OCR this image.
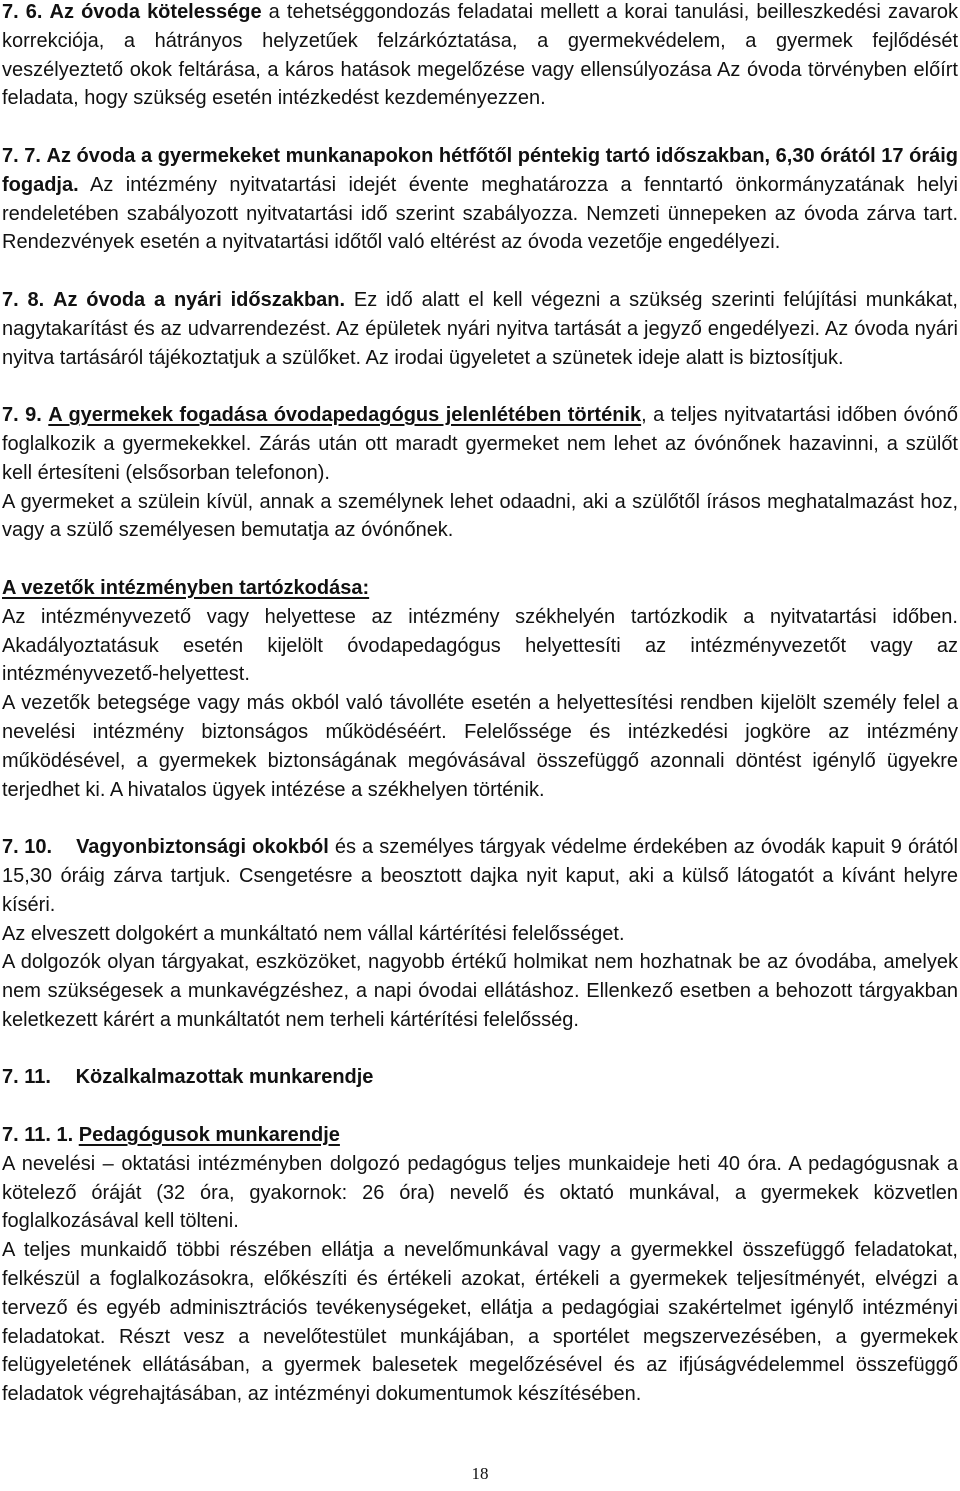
7. 6. Az óvoda kötelessége a tehetséggondozás feladatai mellett a korai tanulási, beilleszkedési zavarok korrekciója, a hátrányos helyzetűek felzárkóztatása, a gyermekvédelem, a gyermek fejlődését veszélyeztető okok feltárása, a káros hatások megelőzése vagy ellensúlyozása Az óvoda törvényben előírt feladata, hogy szükség esetén intézkedést kezdeményezzen.

7. 7. Az óvoda a gyermekeket munkanapokon hétfőtől péntekig tartó időszakban, 6,30 órától 17 óráig fogadja. Az intézmény nyitvatartási idejét évente meghatározza a fenntartó önkormányzatának helyi rendeletében szabályozott nyitvatartási idő szerint szabályozza. Nemzeti ünnepeken az óvoda zárva tart. Rendezvények esetén a nyitvatartási időtől való eltérést az óvoda vezetője engedélyezi.

7. 8. Az óvoda a nyári időszakban. Ez idő alatt el kell végezni a szükség szerinti felújítási munkákat, nagytakarítást és az udvarrendezést. Az épületek nyári nyitva tartását a jegyző engedélyezi. Az óvoda nyári nyitva tartásáról tájékoztatjuk a szülőket. Az irodai ügyeletet a szünetek ideje alatt is biztosítjuk.

7. 9. A gyermekek fogadása óvodapedagógus jelenlétében történik, a teljes nyitvatartási időben óvónő foglalkozik a gyermekekkel. Zárás után ott maradt gyermeket nem lehet az óvónőnek hazavinni, a szülőt kell értesíteni (elsősorban telefonon).

A gyermeket a szülein kívül, annak a személynek lehet odaadni, aki a szülőtől írásos meghatalmazást hoz, vagy a szülő személyesen bemutatja az óvónőnek.

A vezetők intézményben tartózkodása:

Az intézményvezető vagy helyettese az intézmény székhelyén tartózkodik a nyitvatartási időben. Akadályoztatásuk esetén kijelölt óvodapedagógus helyettesíti az intézményvezetőt vagy az intézményvezető-helyettest.

A vezetők betegsége vagy más okból való távolléte esetén a helyettesítési rendben kijelölt személy felel a nevelési intézmény biztonságos működéséért. Felelőssége és intézkedési jogköre az intézmény működésével, a gyermekek biztonságának megóvásával összefüggő azonnali döntést igénylő ügyekre terjedhet ki. A hivatalos ügyek intézése a székhelyen történik.

7. 10. Vagyonbiztonsági okokból és a személyes tárgyak védelme érdekében az óvodák kapuit 9 órától 15,30 óráig zárva tartjuk. Csengetésre a beosztott dajka nyit kaput, aki a külső látogatót a kívánt helyre kíséri.

Az elveszett dolgokért a munkáltató nem vállal kártérítési felelősséget.

A dolgozók olyan tárgyakat, eszközöket, nagyobb értékű holmikat nem hozhatnak be az óvodába, amelyek nem szükségesek a munkavégzéshez, a napi óvodai ellátáshoz. Ellenkező esetben a behozott tárgyakban keletkezett kárért a munkáltatót nem terheli kártérítési felelősség.

7. 11. Közalkalmazottak munkarendje

7. 11. 1. Pedagógusok munkarendje

A nevelési – oktatási intézményben dolgozó pedagógus teljes munkaideje heti 40 óra. A pedagógusnak a kötelező óráját (32 óra, gyakornok: 26 óra) nevelő és oktató munkával, a gyermekek közvetlen foglalkozásával kell tölteni.

A teljes munkaidő többi részében ellátja a nevelőmunkával vagy a gyermekkel összefüggő feladatokat, felkészül a foglalkozásokra, előkészíti és értékeli azokat, értékeli a gyermekek teljesítményét, elvégzi a tervező és egyéb adminisztrációs tevékenységeket, ellátja a pedagógiai szakértelmet igénylő intézményi feladatokat. Részt vesz a nevelőtestület munkájában, a sportélet megszervezésében, a gyermekek felügyeletének ellátásában, a gyermek balesetek megelőzésével és az ifjúságvédelemmel összefüggő feladatok végrehajtásában, az intézményi dokumentumok készítésében.

18
